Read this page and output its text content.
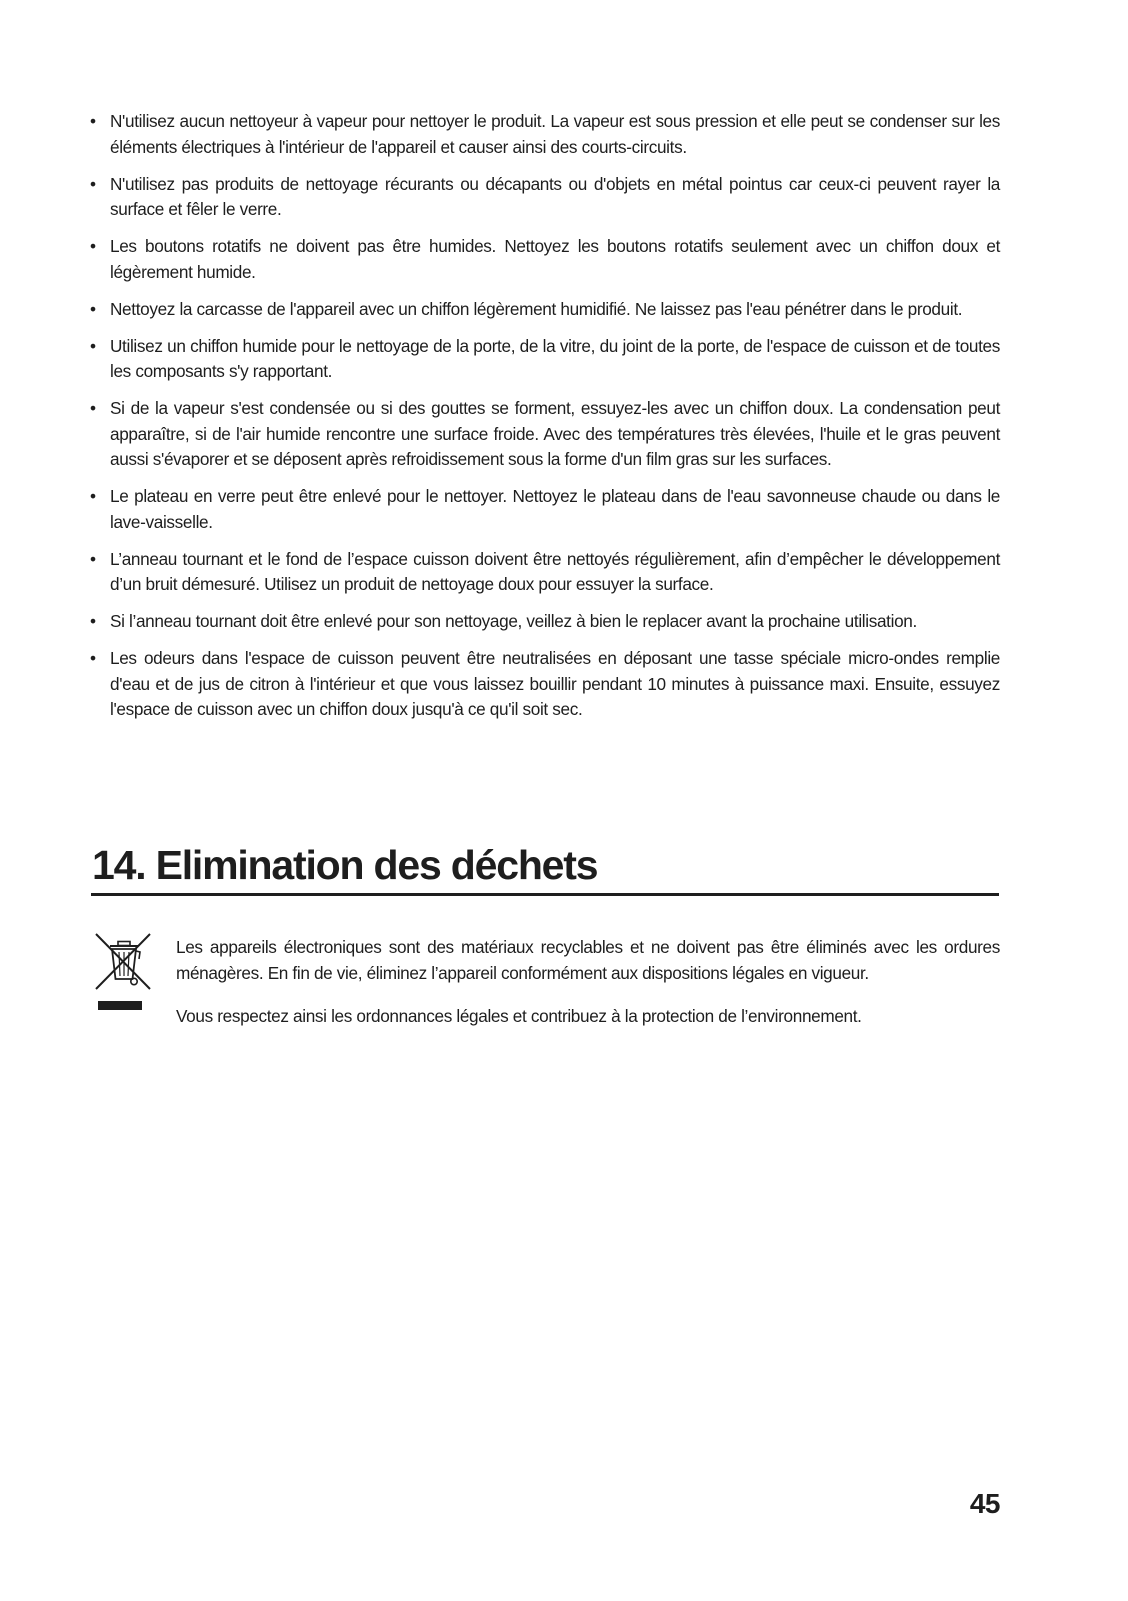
• N'utilisez aucun nettoyeur à vapeur pour nettoyer le produit. La vapeur est sous pression et elle peut se condenser sur les éléments électriques à l'intérieur de l'appareil et causer ainsi des courts-circuits.
• N'utilisez pas produits de nettoyage récurants ou décapants ou d'objets en métal pointus car ceux-ci peuvent rayer la surface et fêler le verre.
• Les boutons rotatifs ne doivent pas être humides. Nettoyez les boutons rotatifs seulement avec un chiffon doux et légèrement humide.
• Nettoyez la carcasse de l'appareil avec un chiffon légèrement humidifié. Ne laissez pas l'eau pénétrer dans le produit.
• Utilisez un chiffon humide pour le nettoyage de la porte, de la vitre, du joint de la porte, de l'espace de cuisson et de toutes les composants s'y rapportant.
• Si de la vapeur s'est condensée ou si des gouttes se forment, essuyez-les avec un chiffon doux. La condensation peut apparaître, si de l'air humide rencontre une surface froide. Avec des températures très élevées, l'huile et le gras peuvent aussi s'évaporer et se déposent après refroidissement sous la forme d'un film gras sur les surfaces.
• Le plateau en verre peut être enlevé pour le nettoyer. Nettoyez le plateau dans de l'eau savonneuse chaude ou dans le lave-vaisselle.
• L’anneau tournant et le fond de l’espace cuisson doivent être nettoyés régulièrement, afin d’empêcher le développement d’un bruit démesuré. Utilisez un produit de nettoyage doux pour essuyer la surface.
• Si l’anneau tournant doit être enlevé pour son nettoyage, veillez à bien le replacer avant la prochaine utilisation.
• Les odeurs dans l'espace de cuisson peuvent être neutralisées en déposant une tasse spéciale micro-ondes remplie d'eau et de jus de citron à l'intérieur et que vous laissez bouillir pendant 10 minutes à puissance maxi. Ensuite, essuyez l'espace de cuisson avec un chiffon doux jusqu'à ce qu'il soit sec.
14. Elimination des déchets

Les appareils électroniques sont des matériaux recyclables et ne doivent pas être éliminés avec les ordures ménagères. En fin de vie, éliminez l’appareil conformément aux dispositions légales en vigueur.

Vous respectez ainsi les ordonnances légales et contribuez à la protection de l’environnement.

45
